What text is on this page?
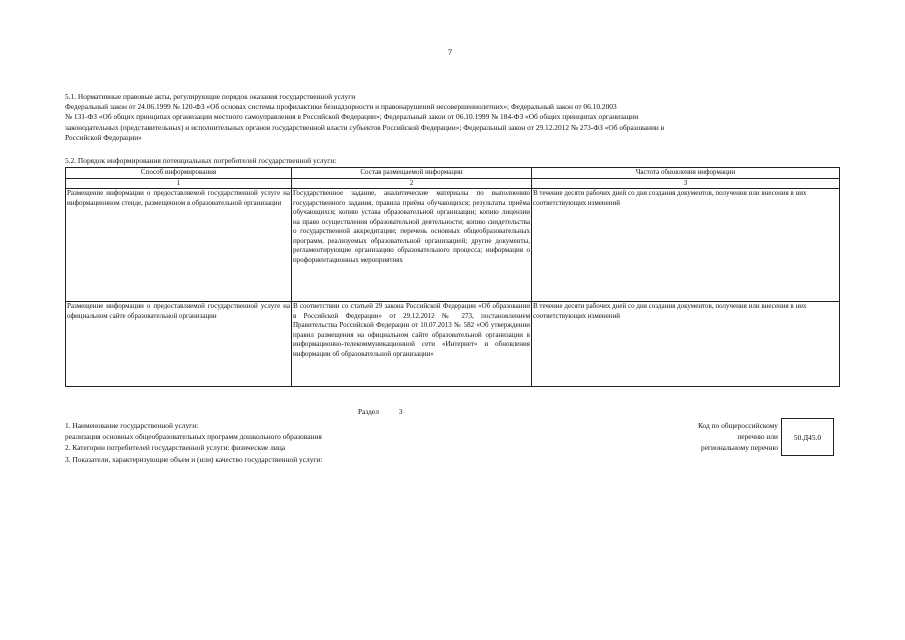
7
5.1. Нормативные правовые акты, регулирующие порядок оказания государственной услуги
Федеральный закон от 24.06.1999 № 120-ФЗ «Об основах системы профилактики безнадзорности и правонарушений несовершеннолетних»; Федеральный закон от 06.10.2003
№ 131-ФЗ «Об общих принципах организации местного самоуправления в Российской Федерации»; Федеральный закон от 06.10.1999 № 184-ФЗ «Об общих принципах организации
законодательных (представительных) и исполнительных органов государственной власти субъектов Российской Федерации»; Федеральный закон от 29.12.2012 № 273-ФЗ «Об образовании в
Российской Федерации»
5.2. Порядок информирования потенциальных потребителей государственной услуги:
Способ информирования	Состав размещаемой информации	Частота обновления информации
1	2	3
Размещение информации о предоставляемой государственной услуге на информационном стенде, размещенном в образовательной организации	Государственное задание, аналитические материалы по выполнению государственного задания, правила приёма обучающихся; результаты приёма обучающихся; копию устава образовательной организации; копию лицензии на право осуществления образовательной деятельности; копию свидетельства о государственной аккредитации; перечень основных общеобразовательных программ, реализуемых образовательной организацией; другие документы, регламентирующие организацию образовательного процесса; информация о профориентационных мероприятиях	В течение десяти рабочих дней со дня создания документов, получения или внесения в них соответствующих изменений
Размещение информации о предоставляемой государственной услуге на официальном сайте образовательной организации	В соответствии со статьей 29 закона Российской Федерации «Об образовании в Российской Федерации» от 29.12.2012 № 273, постановлением Правительства Российской Федерации от 10.07.2013 № 582 «Об утверждении правил размещения на официальном сайте образовательной организации в информационно-телекоммуникационной сети «Интернет» и обновления информации об образовательной организации»	В течение десяти рабочих дней со дня создания документов, получения или внесения в них соответствующих изменений
Раздел	3
1. Наименование государственной услуги:
реализация основных общеобразовательных программ дошкольного образования
2. Категории потребителей государственной услуги: физические лица
3. Показатели, характеризующие объем и (или) качество государственной услуги:
Код по общероссийскому
перечню или
региональному перечню
50.Д45.0
